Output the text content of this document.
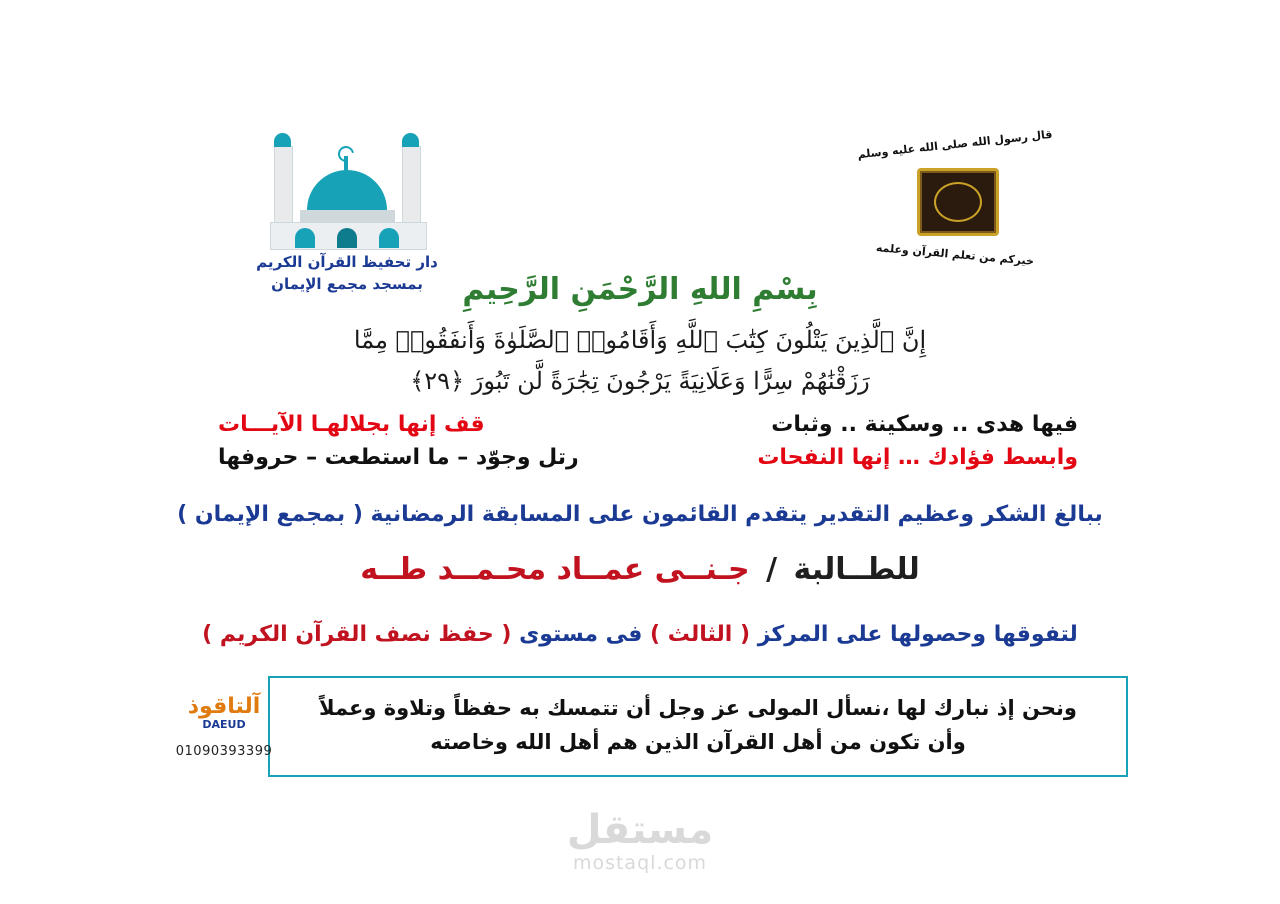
دار تحفيظ القرآن الكريم
بمسجد مجمع الإيمان
قال رسول الله صلى الله عليه وسلم
خيركم من تعلم القرآن وعلمه
بِسْمِ اللهِ الرَّحْمَنِ الرَّحِيمِ
إِنَّ ٱلَّذِينَ يَتْلُونَ كِتَٰبَ ٱللَّهِ وَأَقَامُوا۟ ٱلصَّلَوٰةَ وَأَنفَقُوا۟ مِمَّا
رَزَقْنَٰهُمْ سِرًّا وَعَلَانِيَةً يَرْجُونَ تِجَٰرَةً لَّن تَبُورَ ﴿٢٩﴾
فيها هدى .. وسكينة .. وثبات
قف إنها بجلالهـا الآيـــات
وابسط فؤادك … إنها النفحات
رتل وجوّد – ما استطعت – حروفها
ببالغ الشكر وعظيم التقدير يتقدم القائمون على المسابقة الرمضانية ( بمجمع الإيمان )
للطــالبة / جـنــى عمــاد محـمــد طــه
لتفوقها وحصولها على المركز ( الثالث ) فى مستوى ( حفظ نصف القرآن الكريم )
ونحن إذ نبارك لها ،نسأل المولى عز وجل أن تتمسك به حفظاً وتلاوة وعملاً
وأن تكون من أهل القرآن الذين هم أهل الله وخاصته
آلتاقوذ
DAEUD
01090393399
مستقل
mostaql.com
